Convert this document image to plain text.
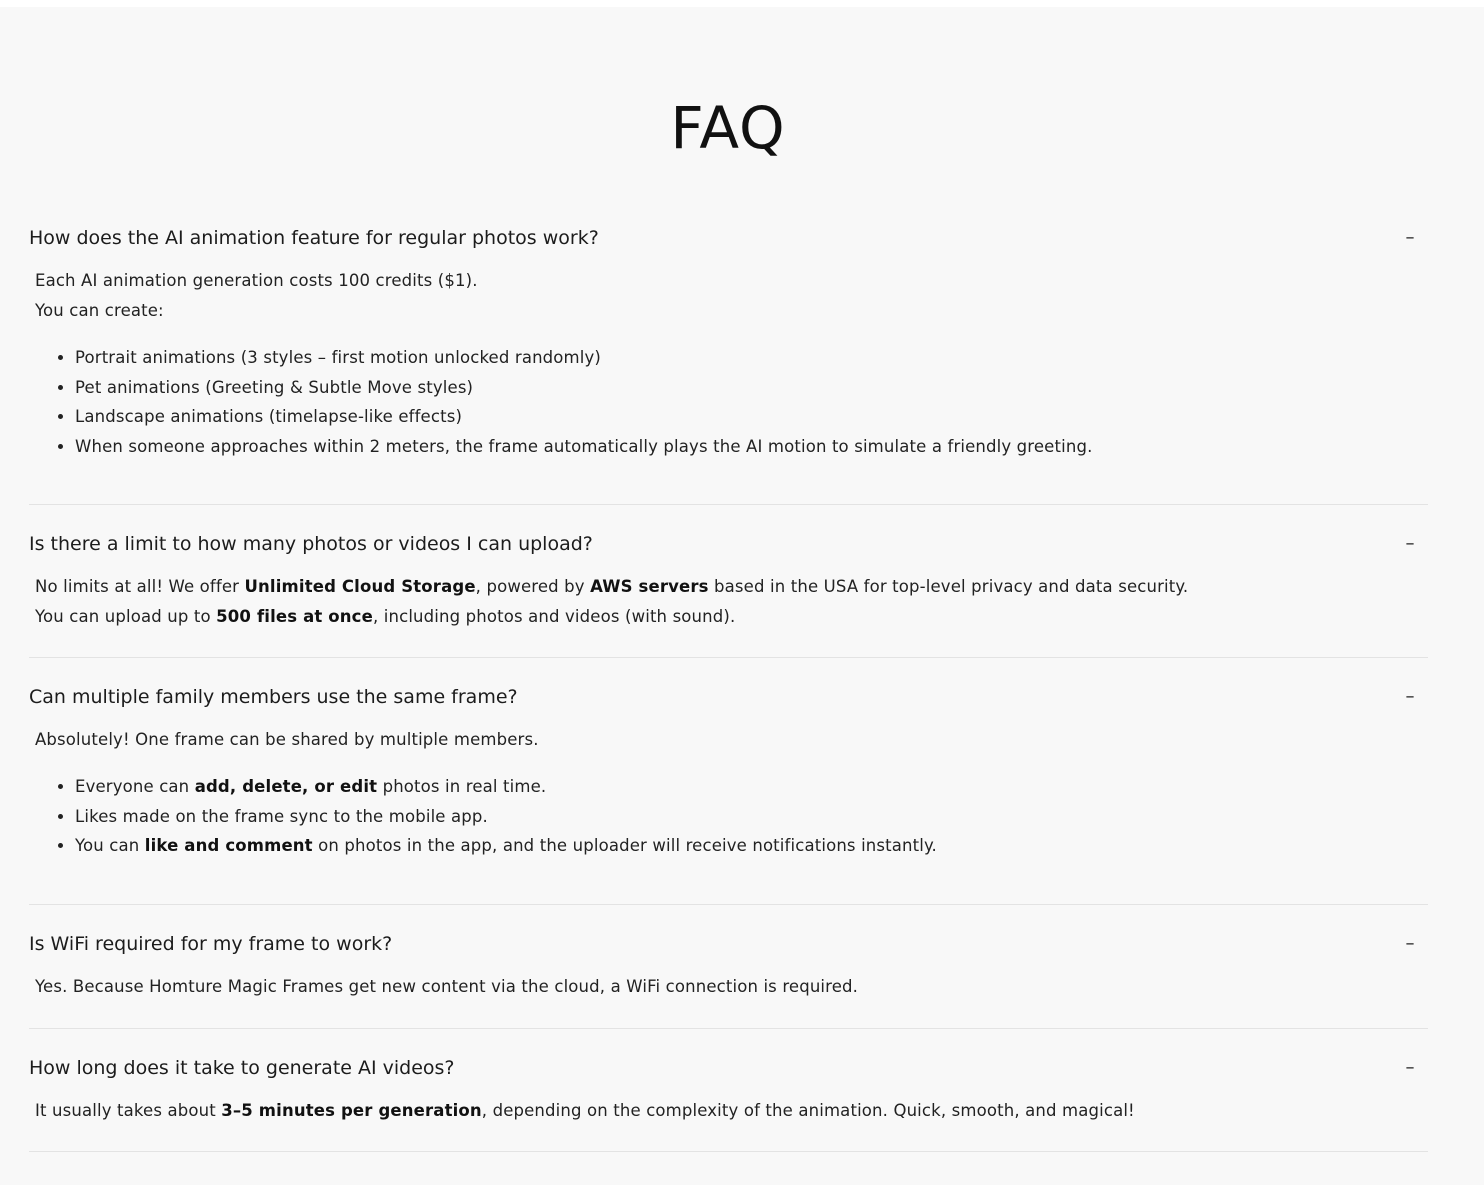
FAQ
How does the AI animation feature for regular photos work?	–

Each AI animation generation costs 100 credits ($1).

You can create:

• Portrait animations (3 styles – first motion unlocked randomly)
• Pet animations (Greeting & Subtle Move styles)
• Landscape animations (timelapse-like effects)
• When someone approaches within 2 meters, the frame automatically plays the AI motion to simulate a friendly greeting.
Is there a limit to how many photos or videos I can upload?	–

No limits at all! We offer Unlimited Cloud Storage, powered by AWS servers based in the USA for top-level privacy and data security.

You can upload up to 500 files at once, including photos and videos (with sound).

Can multiple family members use the same frame?	–

Absolutely! One frame can be shared by multiple members.

• Everyone can add, delete, or edit photos in real time.
• Likes made on the frame sync to the mobile app.
• You can like and comment on photos in the app, and the uploader will receive notifications instantly.
Is WiFi required for my frame to work?	–

Yes. Because Homture Magic Frames get new content via the cloud, a WiFi connection is required.

How long does it take to generate AI videos?	–

It usually takes about 3–5 minutes per generation, depending on the complexity of the animation. Quick, smooth, and magical!
